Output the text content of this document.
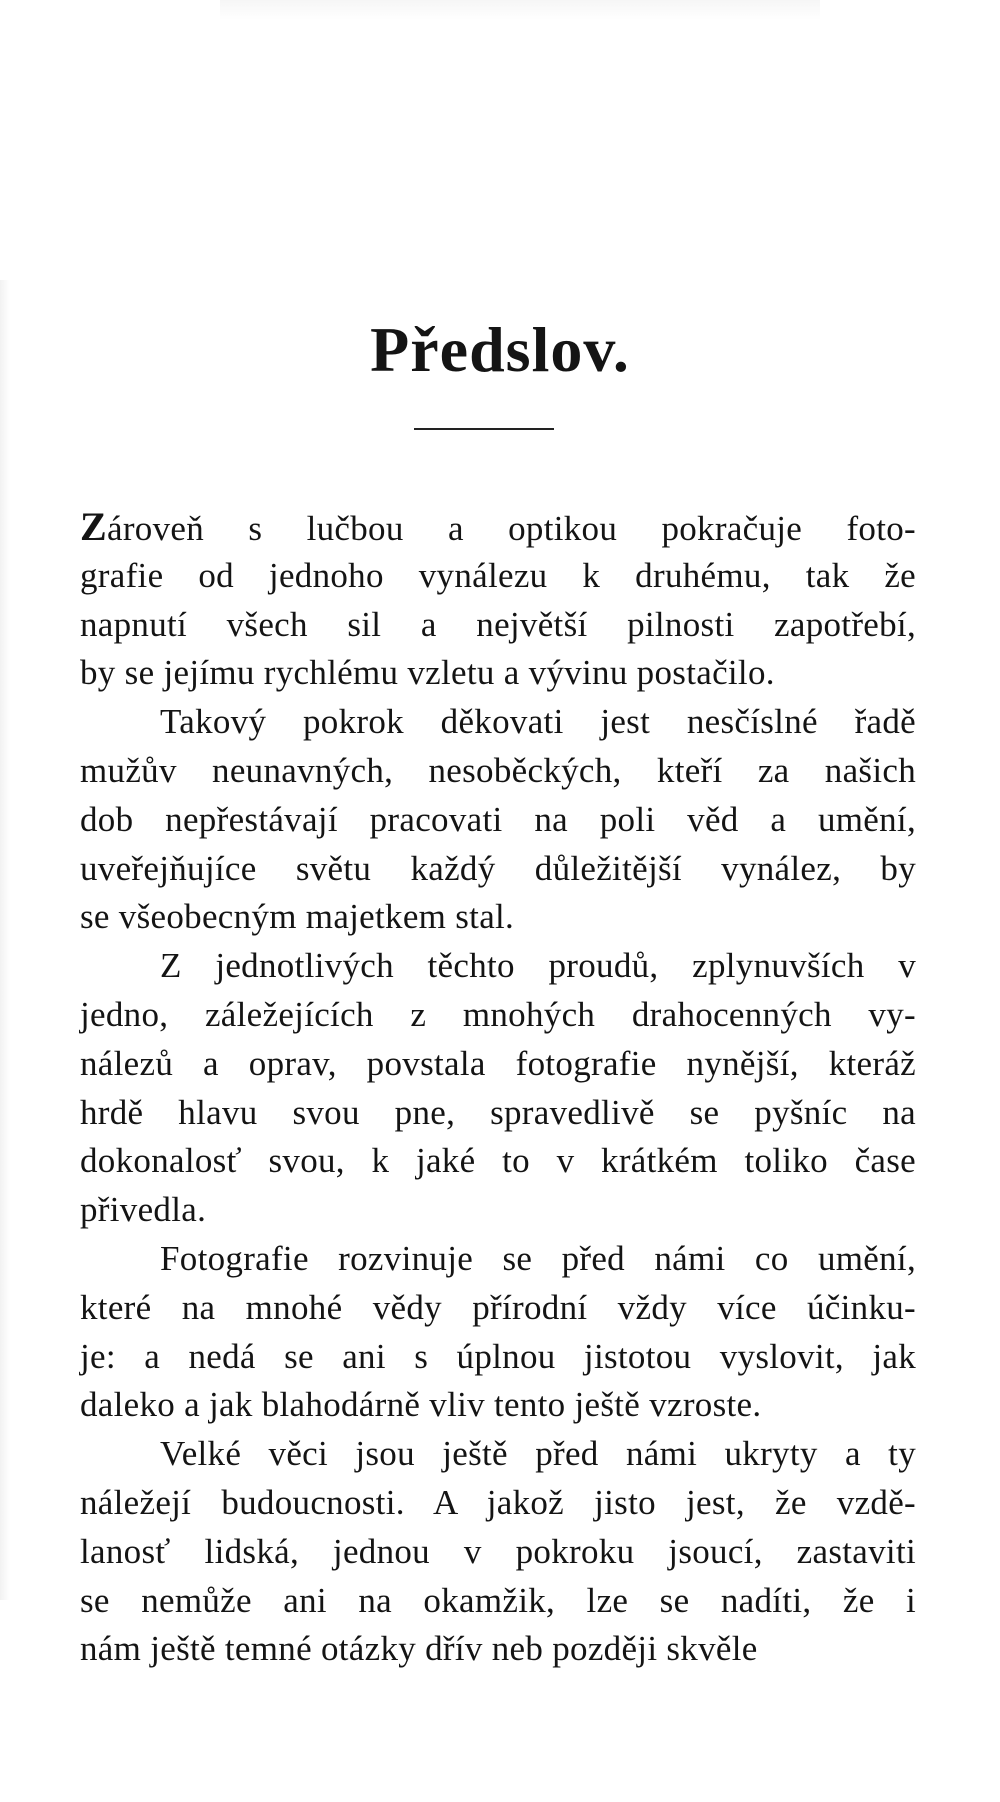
Předslov.
Zároveň s lučbou a optikou pokračuje foto-
grafie od jednoho vynálezu k druhému, tak že
napnutí všech sil a největší pilnosti zapotřebí,
by se jejímu rychlému vzletu a vývinu postačilo.
Takový pokrok děkovati jest nesčíslné řadě
mužův neunavných, nesoběckých, kteří za našich
dob nepřestávají pracovati na poli věd a umění,
uveřejňujíce světu každý důležitější vynález, by
se všeobecným majetkem stal.
Z jednotlivých těchto proudů, zplynuvších v
jedno, záležejících z mnohých drahocenných vy-
nálezů a oprav, povstala fotografie nynější, kteráž
hrdě hlavu svou pne, spravedlivě se pyšníc na
dokonalosť svou, k jaké to v krátkém toliko čase
přivedla.
Fotografie rozvinuje se před námi co umění,
které na mnohé vědy přírodní vždy více účinku-
je: a nedá se ani s úplnou jistotou vyslovit, jak
daleko a jak blahodárně vliv tento ještě vzroste.
Velké věci jsou ještě před námi ukryty a ty
náležejí budoucnosti. A jakož jisto jest, že vzdě-
lanosť lidská, jednou v pokroku jsoucí, zastaviti
se nemůže ani na okamžik, lze se nadíti, že i
nám ještě temné otázky dřív neb později skvěle
